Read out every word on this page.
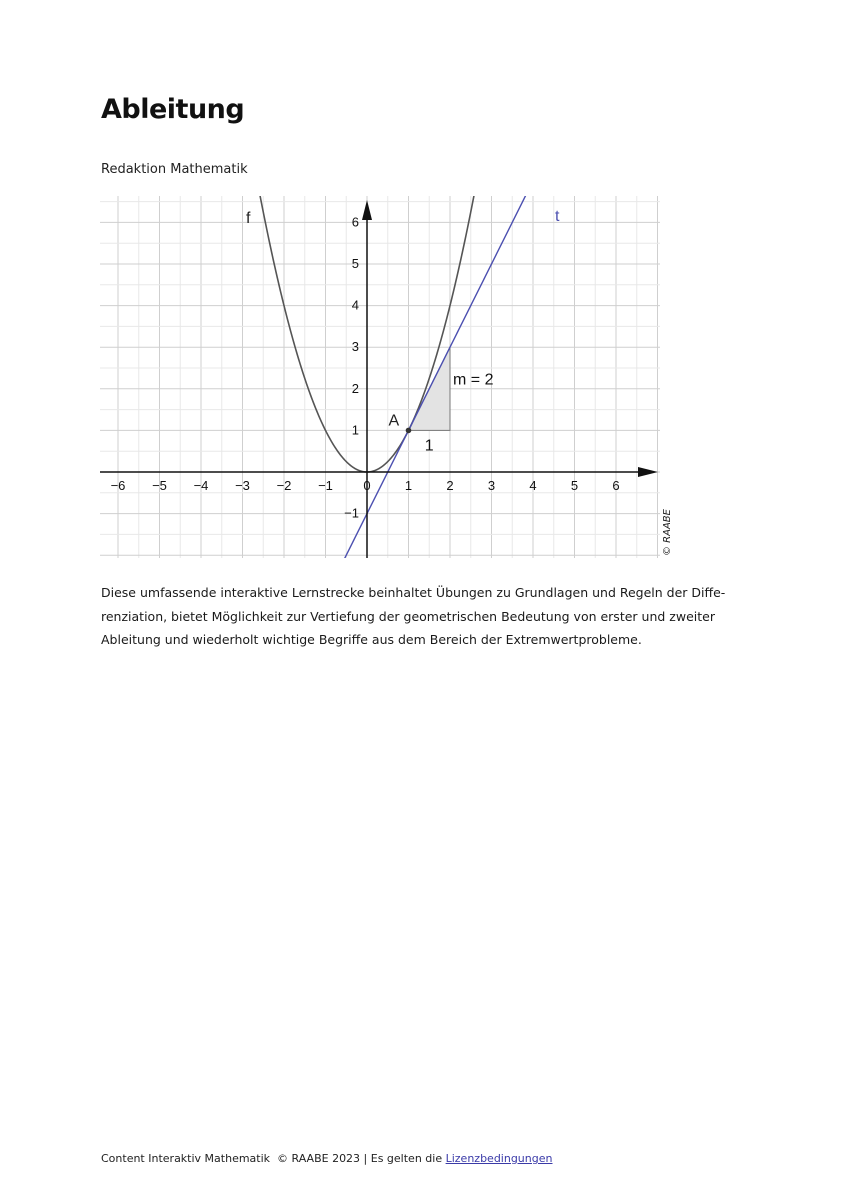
Ableitung
Redaktion Mathematik
−6 −5 −4 −3 −2 −1 0	1	2	3	4	5	6
−1
1
2
3
4
5
6
A
1
m = 2
f	t
© RAABE
Diese umfassende interaktive Lernstrecke beinhaltet Übungen zu Grundlagen und Regeln der Diffe-
renziation, bietet Möglichkeit zur Vertiefung der geometrischen Bedeutung von erster und zweiter
Ableitung und wiederholt wichtige Begriffe aus dem Bereich der Extremwertprobleme.
Content Interaktiv Mathematik  © RAABE 2023 | Es gelten die Lizenzbedingungen
